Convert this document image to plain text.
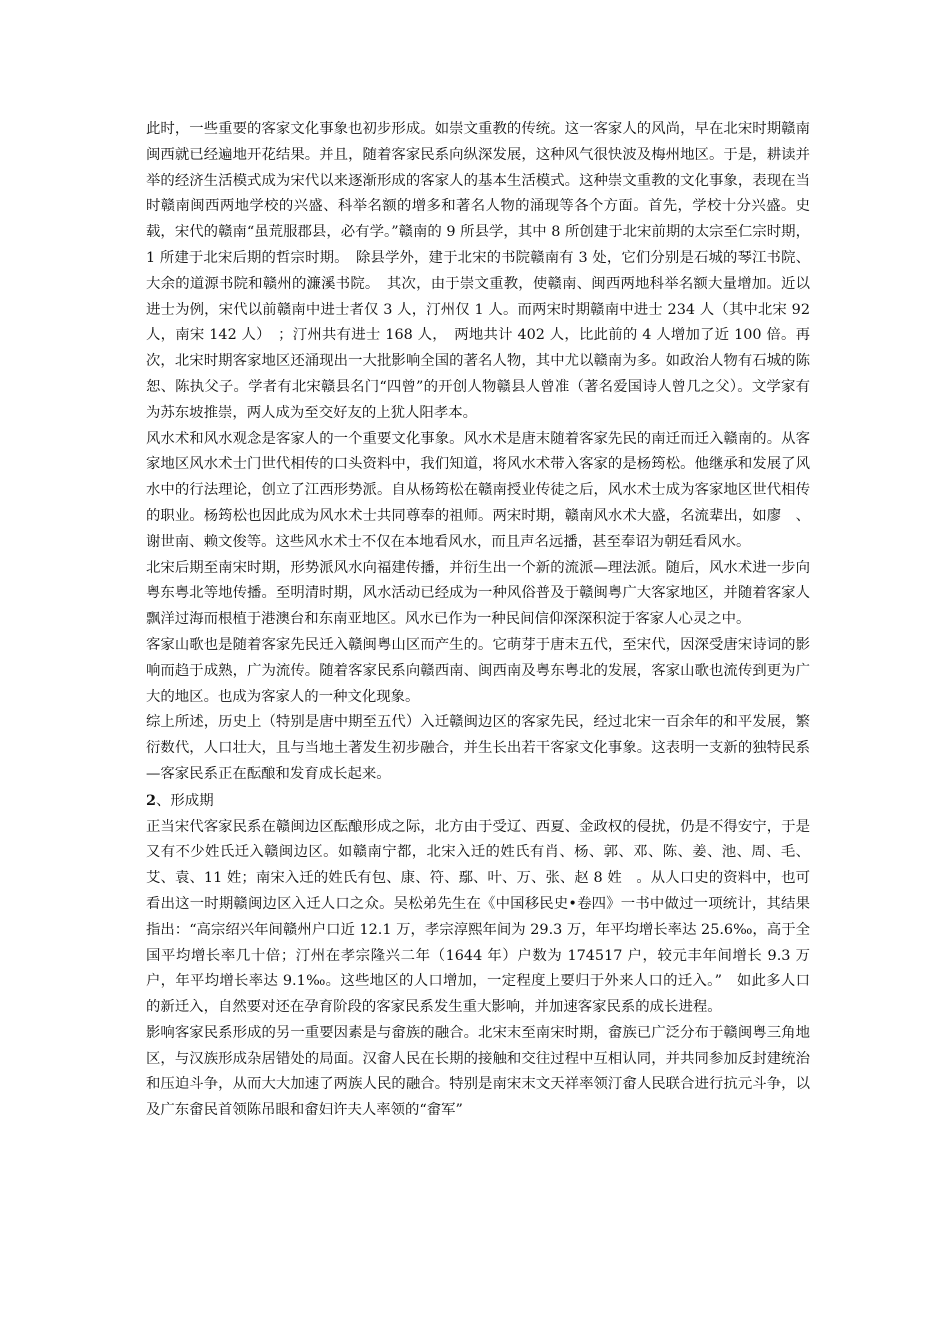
此时，一些重要的客家文化事象也初步形成。如崇文重教的传统。这一客家人的风尚，早在北宋时期赣南闽西就已经遍地开花结果。并且，随着客家民系向纵深发展，这种风气很快波及梅州地区。于是，耕读并举的经济生活模式成为宋代以来逐渐形成的客家人的基本生活模式。这种崇文重教的文化事象，表现在当时赣南闽西两地学校的兴盛、科举名额的增多和著名人物的涌现等各个方面。首先，学校十分兴盛。史载，宋代的赣南“虽荒服郡县，必有学。”赣南的 9 所县学，其中 8 所创建于北宋前期的太宗至仁宗时期，1 所建于北宋后期的哲宗时期。　除县学外，建于北宋的书院赣南有 3 处，它们分别是石城的琴江书院、大余的道源书院和赣州的濂溪书院。　其次，由于崇文重教，使赣南、闽西两地科举名额大量增加。近以进士为例，宋代以前赣南中进士者仅 3 人，汀州仅 1 人。而两宋时期赣南中进士 234 人（其中北宋 92 人，南宋 142 人）　；汀州共有进士 168 人，　两地共计 402 人，比此前的 4 人增加了近 100 倍。再次，北宋时期客家地区还涌现出一大批影响全国的著名人物，其中尤以赣南为多。如政治人物有石城的陈恕、陈执父子。学者有北宋赣县名门“四曾”的开创人物赣县人曾准（著名爱国诗人曾几之父）。文学家有为苏东坡推崇，两人成为至交好友的上犹人阳孝本。

风水术和风水观念是客家人的一个重要文化事象。风水术是唐末随着客家先民的南迁而迁入赣南的。从客家地区风水术士门世代相传的口头资料中，我们知道，将风水术带入客家的是杨筠松。他继承和发展了风水中的行法理论，创立了江西形势派。自从杨筠松在赣南授业传徒之后，风水术士成为客家地区世代相传的职业。杨筠松也因此成为风水术士共同尊奉的祖师。两宋时期，赣南风水术大盛，名流辈出，如廖　、谢世南、赖文俊等。这些风水术士不仅在本地看风水，而且声名远播，甚至奉诏为朝廷看风水。

北宋后期至南宋时期，形势派风水向福建传播，并衍生出一个新的流派—理法派。随后，风水术进一步向粤东粤北等地传播。至明清时期，风水活动已经成为一种风俗普及于赣闽粤广大客家地区，并随着客家人飘洋过海而根植于港澳台和东南亚地区。风水已作为一种民间信仰深深积淀于客家人心灵之中。

客家山歌也是随着客家先民迁入赣闽粤山区而产生的。它萌芽于唐末五代，至宋代，因深受唐宋诗词的影响而趋于成熟，广为流传。随着客家民系向赣西南、闽西南及粤东粤北的发展，客家山歌也流传到更为广大的地区。也成为客家人的一种文化现象。

综上所述，历史上（特别是唐中期至五代）入迁赣闽边区的客家先民，经过北宋一百余年的和平发展，繁衍数代，人口壮大，且与当地土著发生初步融合，并生长出若干客家文化事象。这表明一支新的独特民系—客家民系正在酝酿和发育成长起来。

2、形成期

正当宋代客家民系在赣闽边区酝酿形成之际，北方由于受辽、西夏、金政权的侵扰，仍是不得安宁，于是又有不少姓氏迁入赣闽边区。如赣南宁都，北宋入迁的姓氏有肖、杨、郭、邓、陈、姜、池、周、毛、艾、袁、11 姓；南宋入迁的姓氏有包、康、符、鄢、叶、万、张、赵 8 姓　。从人口史的资料中，也可看出这一时期赣闽边区入迁人口之众。吴松弟先生在《中国移民史•卷四》一书中做过一项统计，其结果指出：“高宗绍兴年间赣州户口近 12.1 万，孝宗淳熙年间为 29.3 万，年平均增长率达 25.6‰，高于全国平均增长率几十倍；汀州在孝宗隆兴二年（1644 年）户数为 174517 户，较元丰年间增长 9.3 万户，年平均增长率达 9.1‰。这些地区的人口增加，一定程度上要归于外来人口的迁入。”　如此多人口的新迁入，自然要对还在孕育阶段的客家民系发生重大影响，并加速客家民系的成长进程。

影响客家民系形成的另一重要因素是与畲族的融合。北宋末至南宋时期，畲族已广泛分布于赣闽粤三角地区，与汉族形成杂居错处的局面。汉畲人民在长期的接触和交往过程中互相认同，并共同参加反封建统治和压迫斗争，从而大大加速了两族人民的融合。特别是南宋末文天祥率领汀畲人民联合进行抗元斗争，以及广东畲民首领陈吊眼和畲妇许夫人率领的“畲军”
